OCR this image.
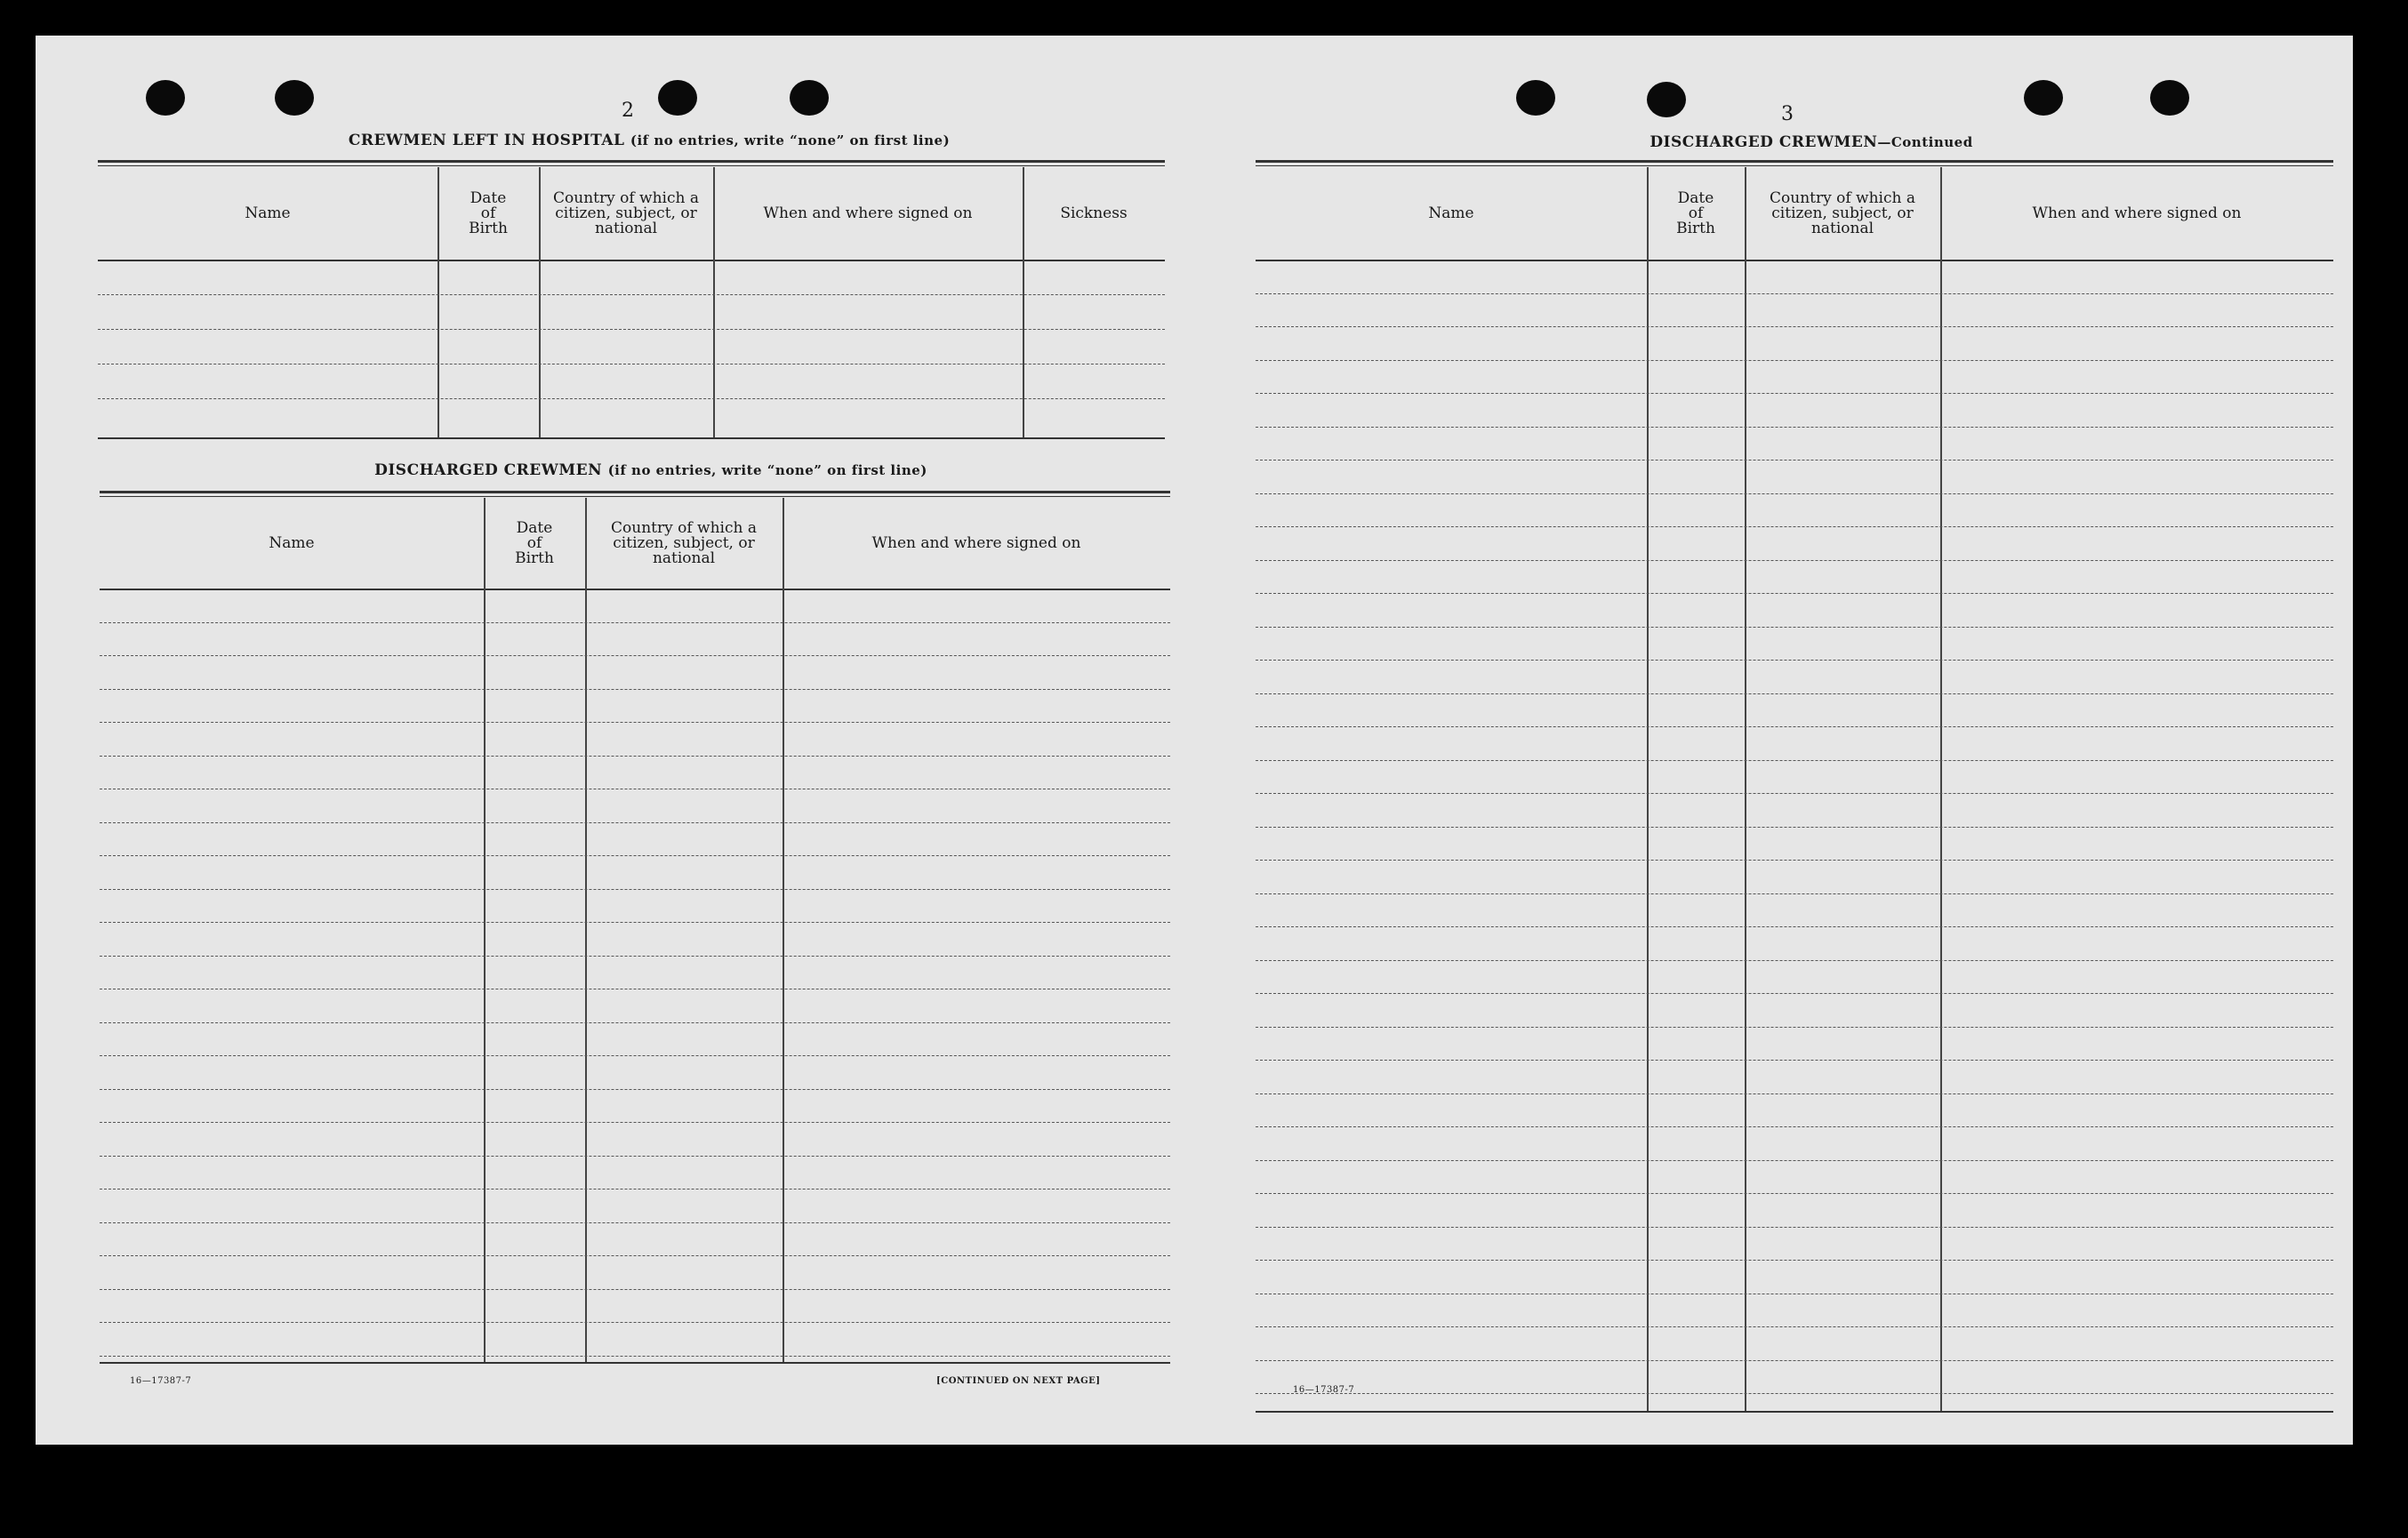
2
CREWMEN LEFT IN HOSPITAL (if no entries, write “none” on first line)
Name
Date
of
Birth
Country of which a
citizen, subject, or
national
When and where signed on	Sickness
DISCHARGED CREWMEN (if no entries, write “none” on first line)
Name
Date
of
Birth
Country of which a
citizen, subject, or
national
When and where signed on
16—17387-7	[CONTINUED ON NEXT PAGE]
3
DISCHARGED CREWMEN—Continued
Name
Date
of
Birth
Country of which a
citizen, subject, or
national
When and where signed on
16—17387-7
